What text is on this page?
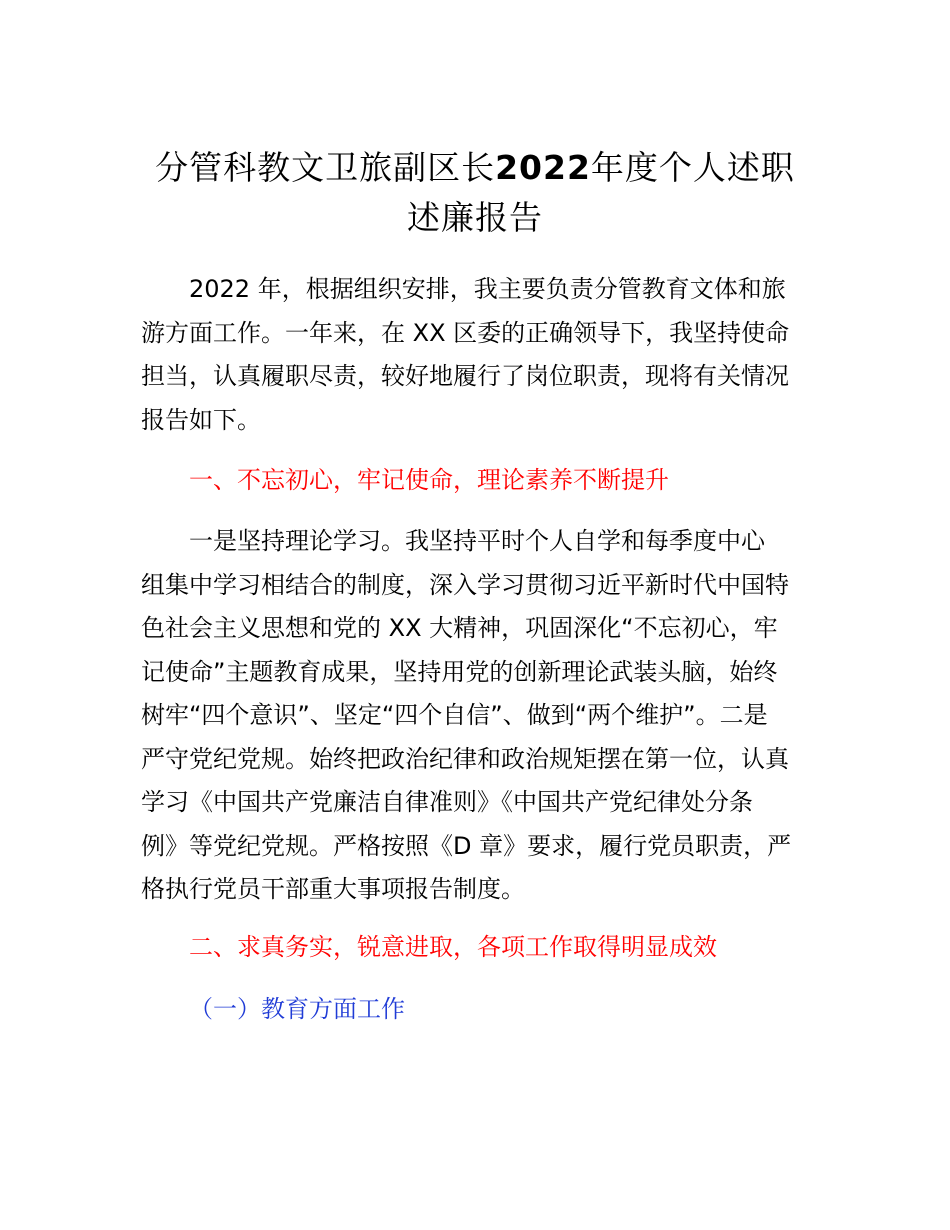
分管科教文卫旅副区长2022年度个人述职
述廉报告
2022 年，根据组织安排，我主要负责分管教育文体和旅
游方面工作。一年来，在 XX 区委的正确领导下，我坚持使命
担当，认真履职尽责，较好地履行了岗位职责，现将有关情况
报告如下。
一、不忘初心，牢记使命，理论素养不断提升
一是坚持理论学习。我坚持平时个人自学和每季度中心
组集中学习相结合的制度，深入学习贯彻习近平新时代中国特
色社会主义思想和党的 XX 大精神，巩固深化“不忘初心，牢
记使命”主题教育成果，坚持用党的创新理论武装头脑，始终
树牢“四个意识”、坚定“四个自信”、做到“两个维护”。二是
严守党纪党规。始终把政治纪律和政治规矩摆在第一位，认真
学习《中国共产党廉洁自律准则》《中国共产党纪律处分条
例》等党纪党规。严格按照《D 章》要求，履行党员职责，严
格执行党员干部重大事项报告制度。
二、求真务实，锐意进取，各项工作取得明显成效
（一）教育方面工作
